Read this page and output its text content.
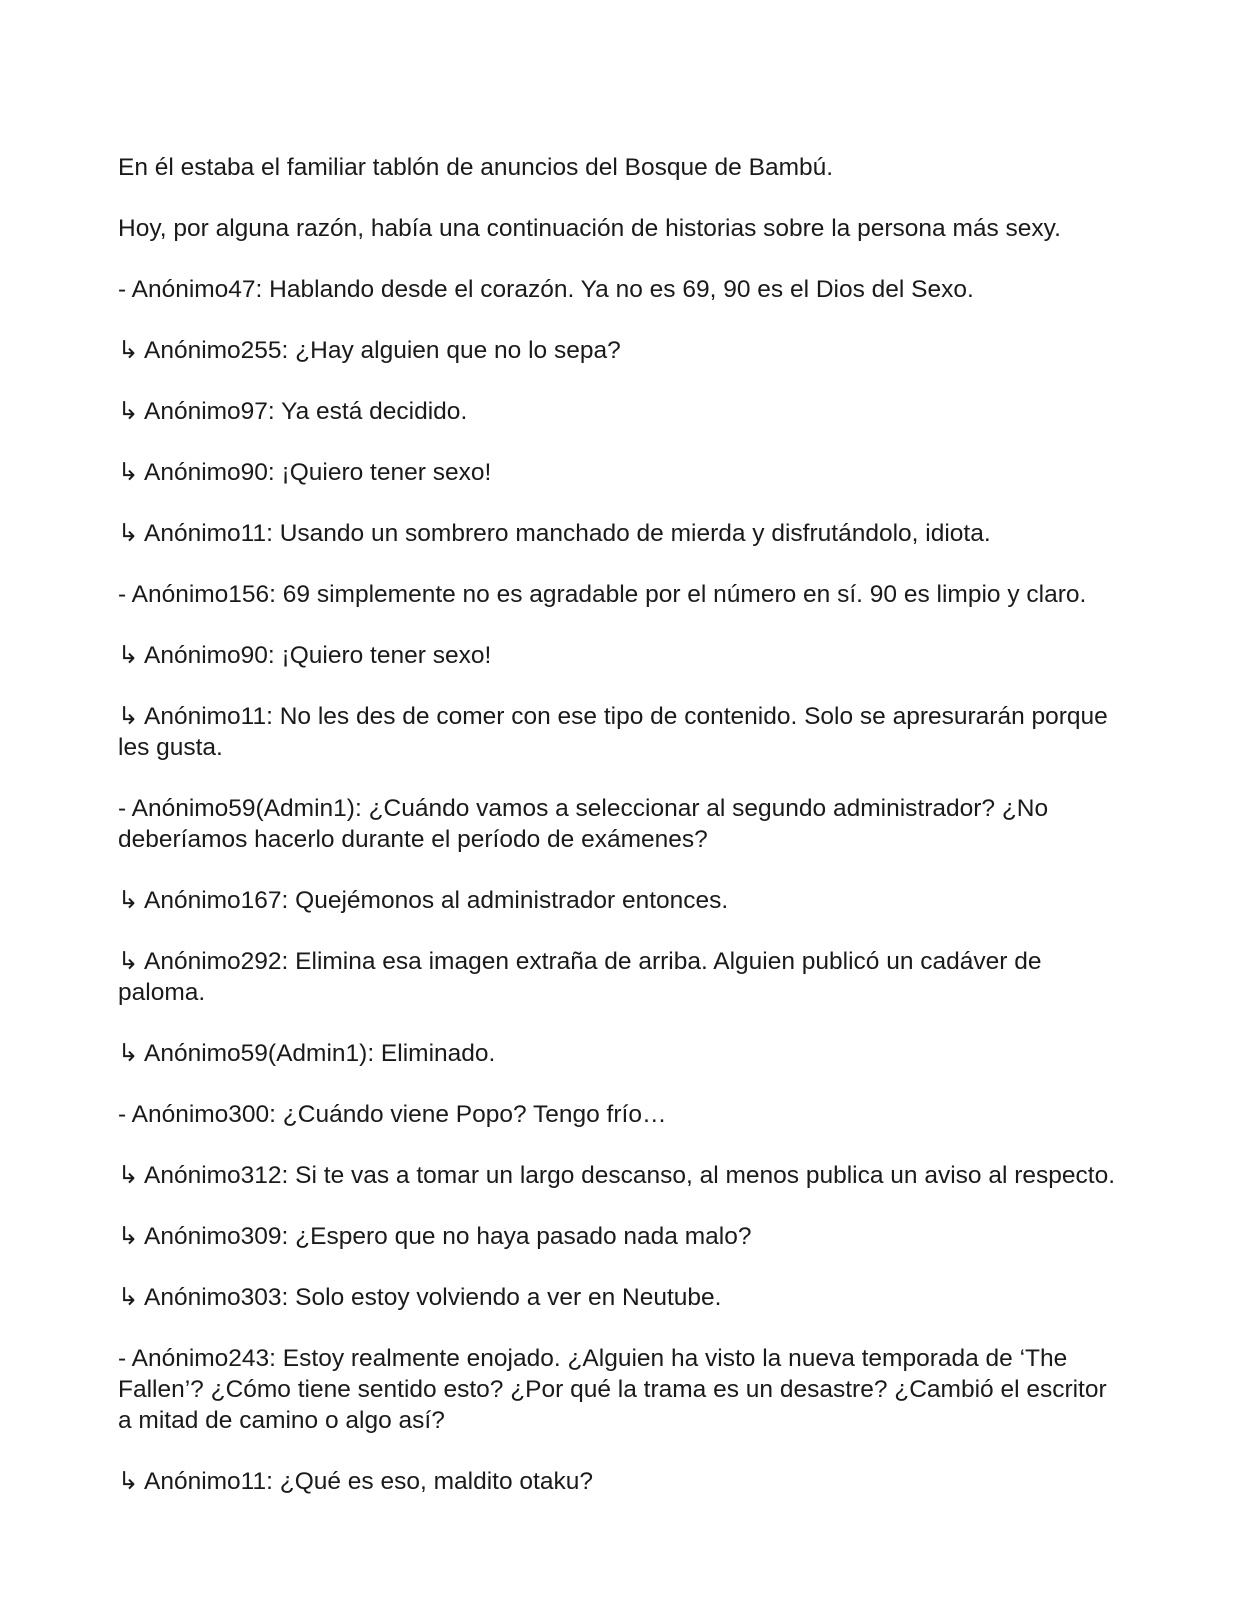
En él estaba el familiar tablón de anuncios del Bosque de Bambú.

Hoy, por alguna razón, había una continuación de historias sobre la persona más sexy.

- Anónimo47: Hablando desde el corazón. Ya no es 69, 90 es el Dios del Sexo.

↳ Anónimo255: ¿Hay alguien que no lo sepa?

↳ Anónimo97: Ya está decidido.

↳ Anónimo90: ¡Quiero tener sexo!

↳ Anónimo11: Usando un sombrero manchado de mierda y disfrutándolo, idiota.

- Anónimo156: 69 simplemente no es agradable por el número en sí. 90 es limpio y claro.

↳ Anónimo90: ¡Quiero tener sexo!

↳ Anónimo11: No les des de comer con ese tipo de contenido. Solo se apresurarán porque les gusta.

- Anónimo59(Admin1): ¿Cuándo vamos a seleccionar al segundo administrador? ¿No deberíamos hacerlo durante el período de exámenes?

↳ Anónimo167: Quejémonos al administrador entonces.

↳ Anónimo292: Elimina esa imagen extraña de arriba. Alguien publicó un cadáver de paloma.

↳ Anónimo59(Admin1): Eliminado.

- Anónimo300: ¿Cuándo viene Popo? Tengo frío…

↳ Anónimo312: Si te vas a tomar un largo descanso, al menos publica un aviso al respecto.

↳ Anónimo309: ¿Espero que no haya pasado nada malo?

↳ Anónimo303: Solo estoy volviendo a ver en Neutube.

- Anónimo243: Estoy realmente enojado. ¿Alguien ha visto la nueva temporada de ‘The Fallen’? ¿Cómo tiene sentido esto? ¿Por qué la trama es un desastre? ¿Cambió el escritor a mitad de camino o algo así?

↳ Anónimo11: ¿Qué es eso, maldito otaku?
